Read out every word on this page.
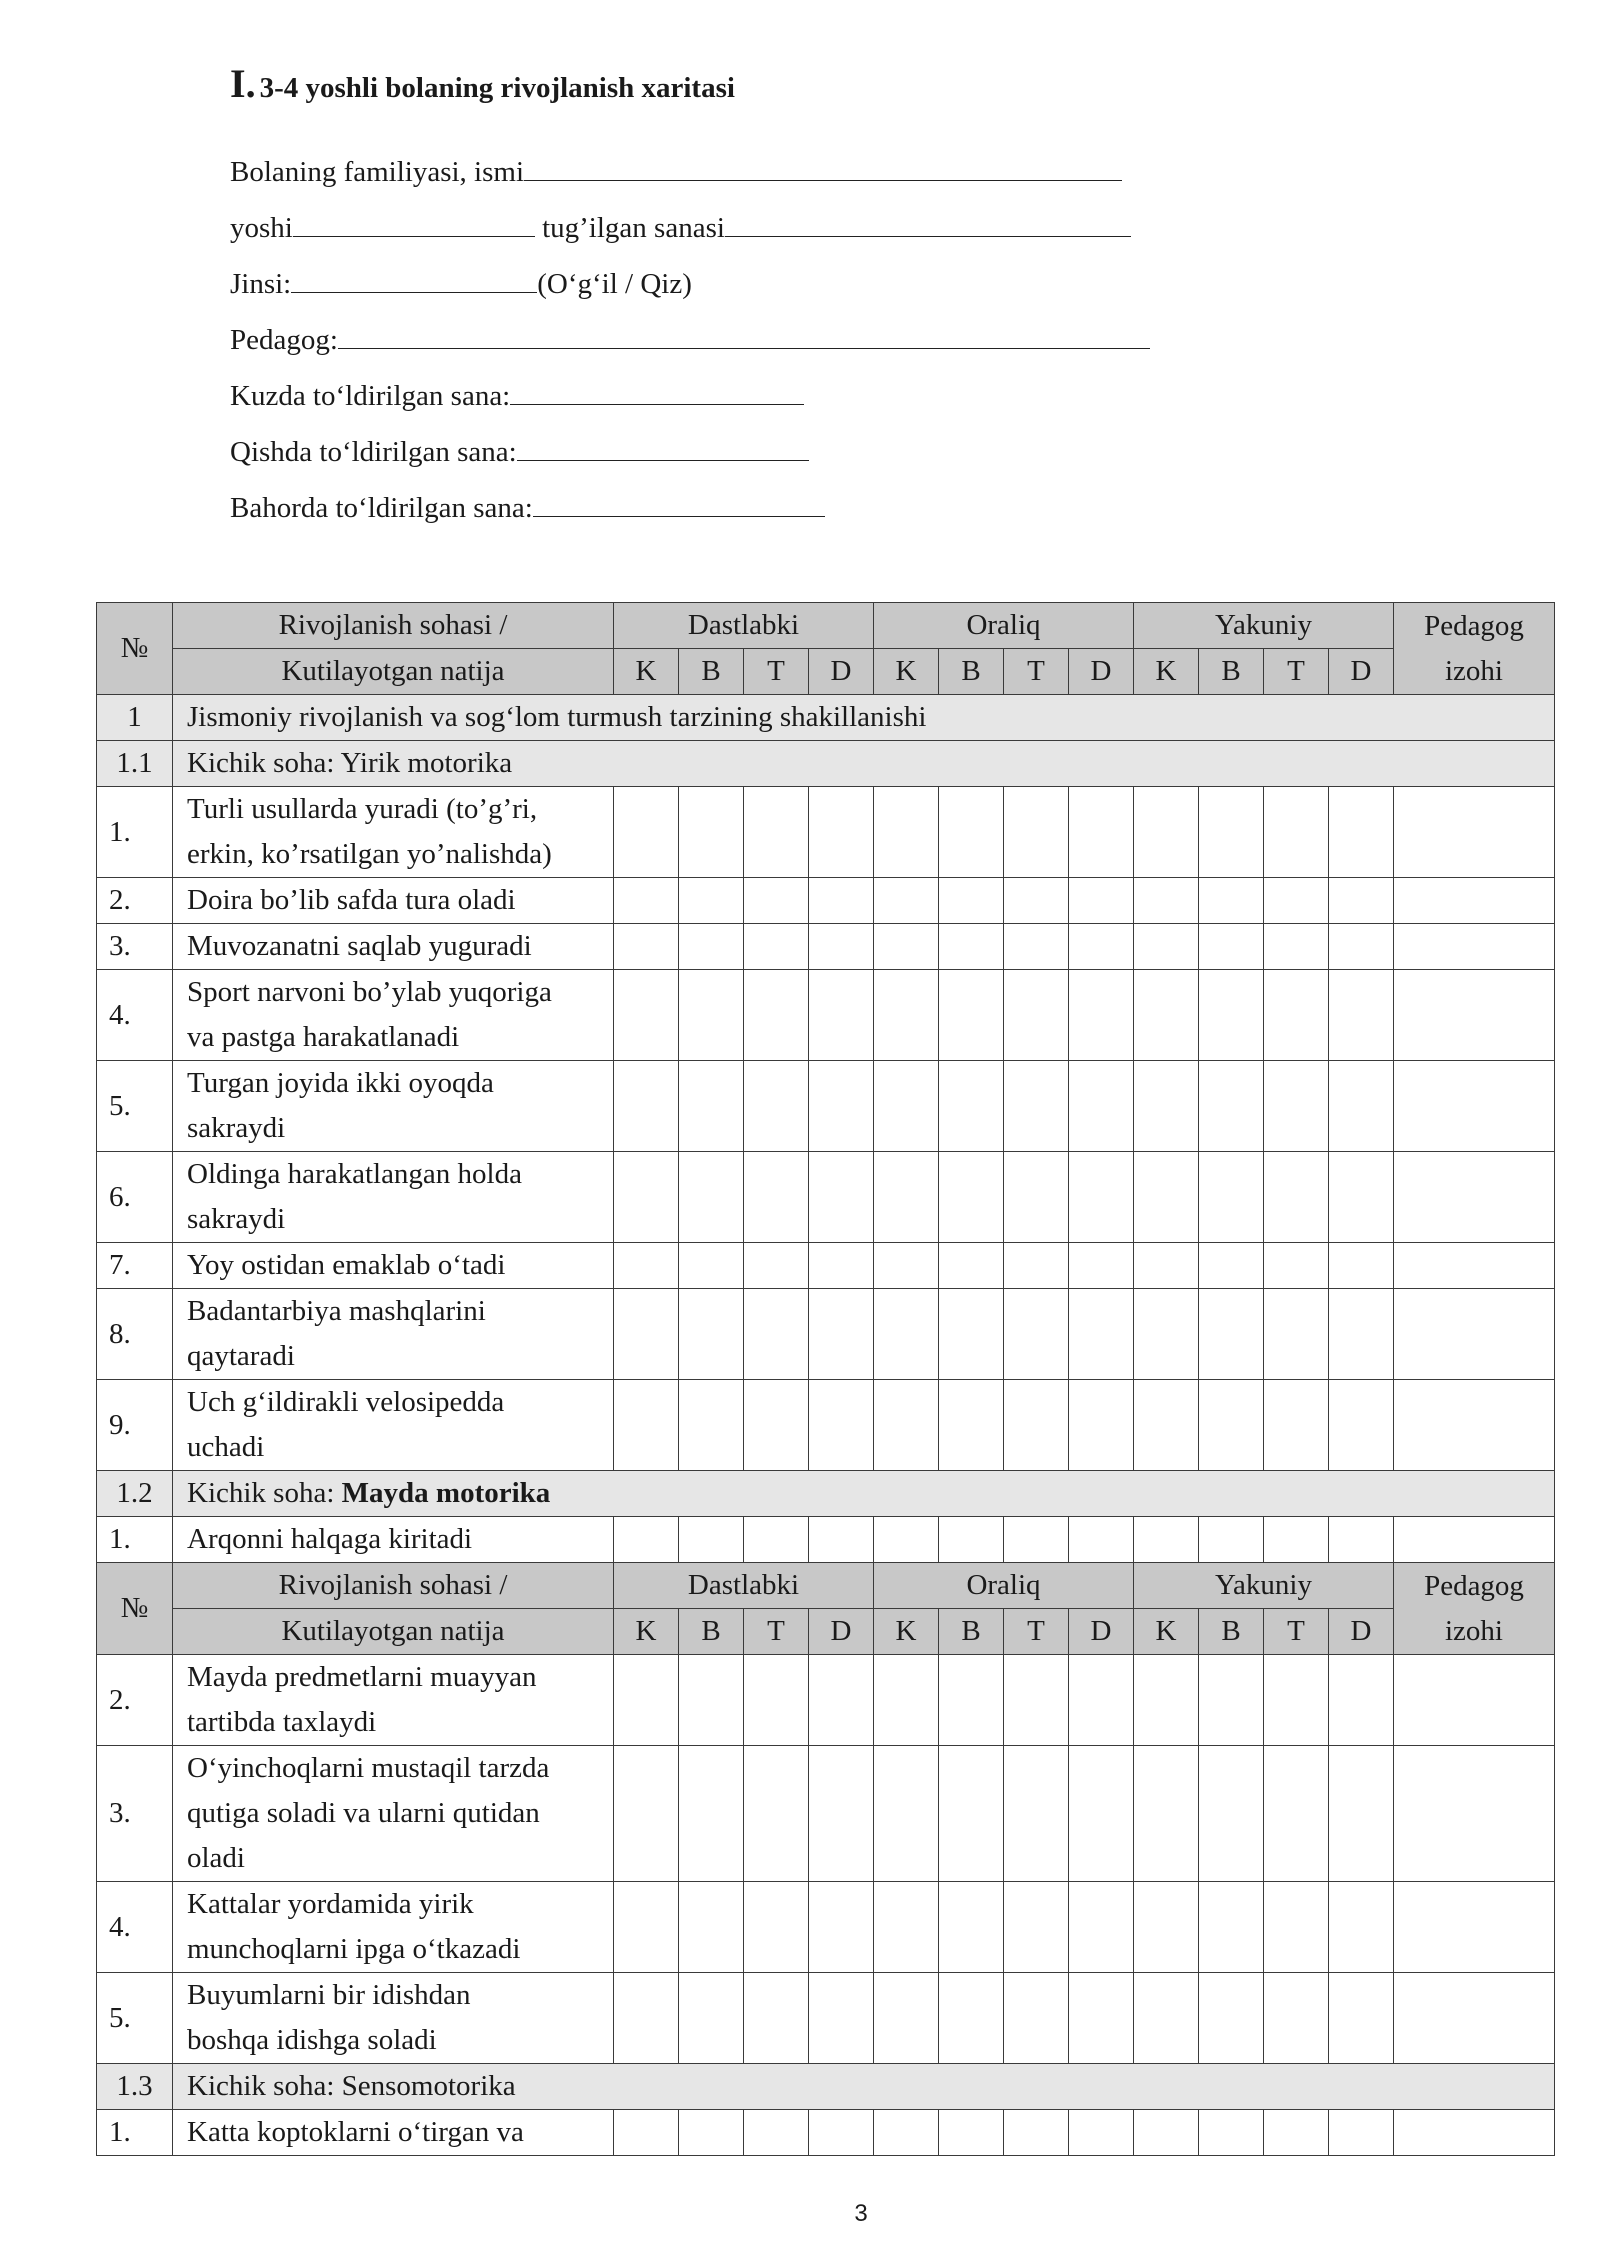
I. 3-4 yoshli bolaning rivojlanish xaritasi
Bolaning familiyasi, ismi
yoshi	tug’ilgan sanasi
Jinsi:	(O‘g‘il / Qiz)
Pedagog:
Kuzda to‘ldirilgan sana:
Qishda to‘ldirilgan sana:
Bahorda to‘ldirilgan sana:
№	Rivojlanish sohasi /	Dastlabki				Oraliq				Yakuniy				Pedagog
izohi
	Kutilayotgan natija	K	B	T	D	K	B	T	D	K	B	T	D	
1	Jismoniy rivojlanish va sog‘lom turmush tarzining shakillanishi													
1.1	Kichik soha: Yirik motorika													
1.	Turli usullarda yuradi (to’g’ri,
erkin, ko’rsatilgan yo’nalishda)													
2.	Doira bo’lib safda tura oladi													
3.	Muvozanatni saqlab yuguradi													
4.	Sport narvoni bo’ylab yuqoriga
va pastga harakatlanadi													
5.	Turgan joyida ikki oyoqda
sakraydi													
6.	Oldinga harakatlangan holda
sakraydi													
7.	Yoy ostidan emaklab o‘tadi													
8.	Badantarbiya mashqlarini
qaytaradi													
9.	Uch g‘ildirakli velosipedda
uchadi													
1.2	Kichik soha: Mayda motorika													
1.	Arqonni halqaga kiritadi													
№	Rivojlanish sohasi /	Dastlabki				Oraliq				Yakuniy				Pedagog
izohi
	Kutilayotgan natija	K	B	T	D	K	B	T	D	K	B	T	D	
2.	Mayda predmetlarni muayyan
tartibda taxlaydi													
3.	O‘yinchoqlarni mustaqil tarzda
qutiga soladi va ularni qutidan
oladi													
4.	Kattalar yordamida yirik
munchoqlarni ipga o‘tkazadi													
5.	Buyumlarni bir idishdan
boshqa idishga soladi													
1.3	Kichik soha: Sensomotorika													
1.	Katta koptoklarni o‘tirgan va													
3
